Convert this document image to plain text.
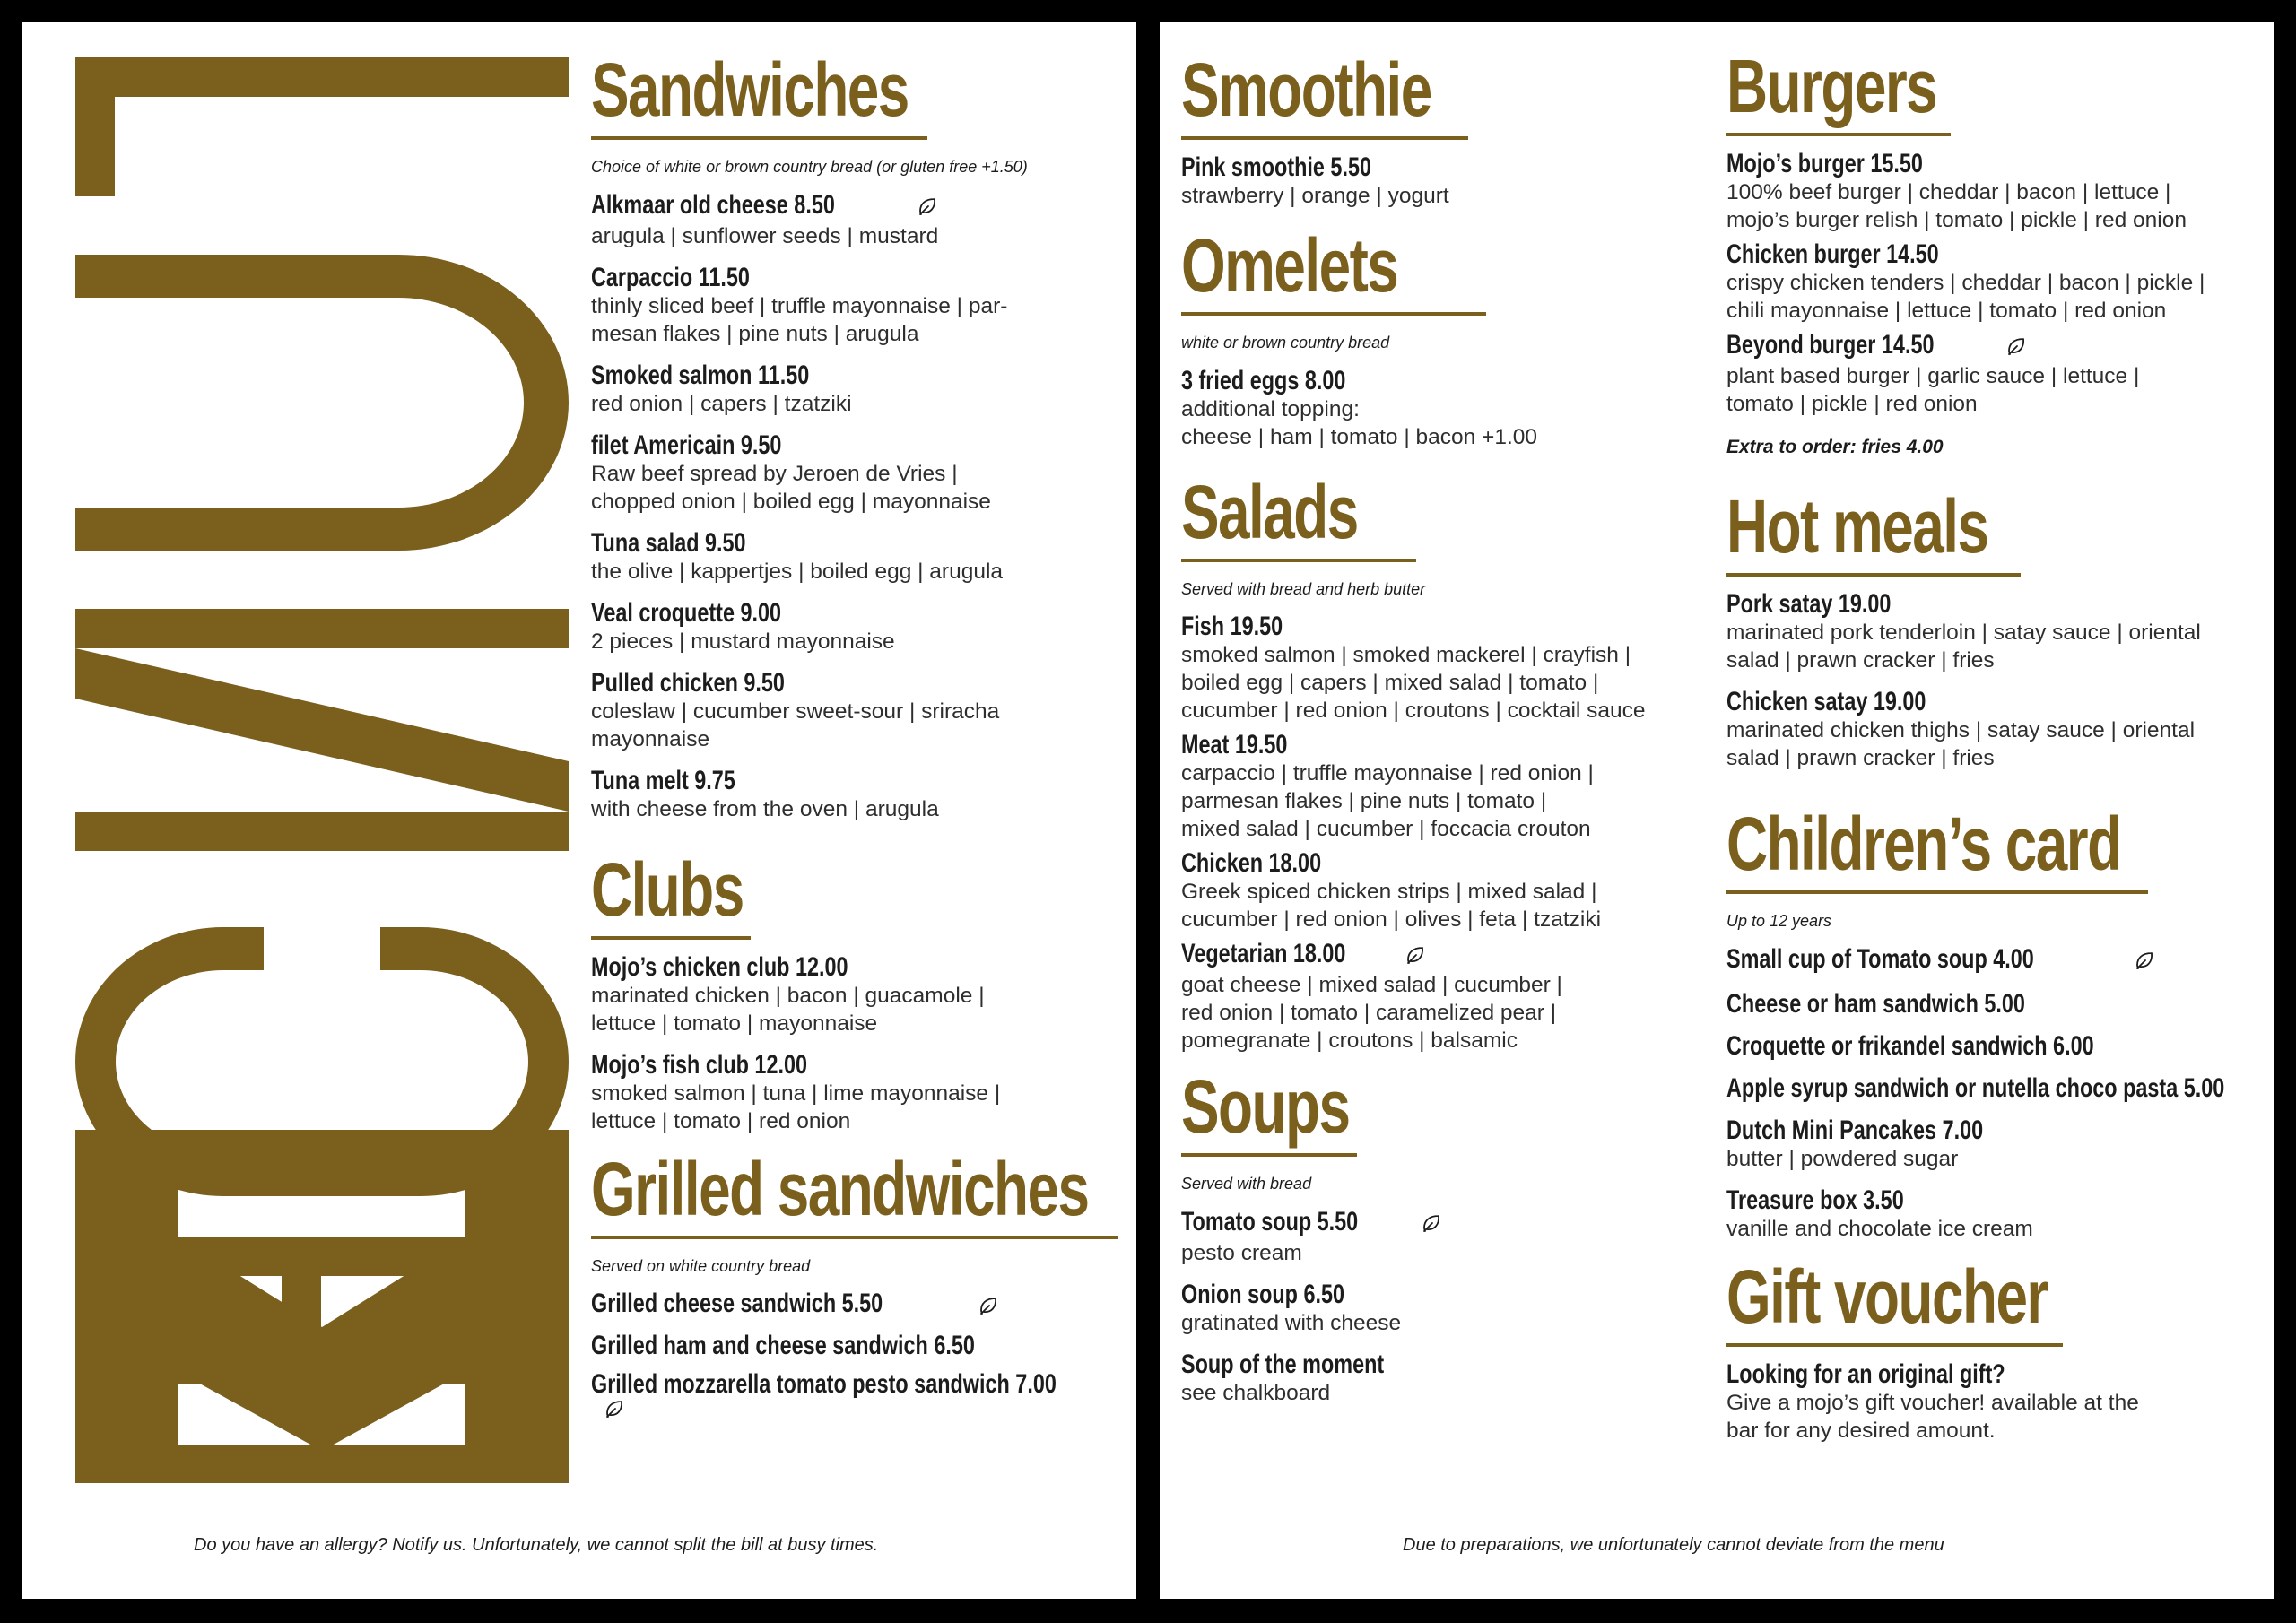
Sandwiches
Choice of white or brown country bread (or gluten free +1.50)
Alkmaar old cheese 8.50
arugula | sunflower seeds | mustard
Carpaccio 11.50
thinly sliced beef | truffle mayonnaise | par-
mesan flakes | pine nuts | arugula
Smoked salmon 11.50
red onion | capers | tzatziki
filet Americain 9.50
Raw beef spread by Jeroen de Vries |
chopped onion | boiled egg | mayonnaise
Tuna salad 9.50
the olive | kappertjes | boiled egg | arugula
Veal croquette 9.00
2 pieces | mustard mayonnaise
Pulled chicken 9.50
coleslaw | cucumber sweet-sour | sriracha
mayonnaise
Tuna melt 9.75
with cheese from the oven | arugula
Clubs
Mojo’s chicken club 12.00
marinated chicken | bacon | guacamole |
lettuce | tomato | mayonnaise
Mojo’s fish club 12.00
smoked salmon | tuna | lime mayonnaise |
lettuce | tomato | red onion
Grilled sandwiches
Served on white country bread
Grilled cheese sandwich 5.50
Grilled ham and cheese sandwich 6.50
Grilled mozzarella tomato pesto sandwich 7.00
Do you have an allergy? Notify us. Unfortunately, we cannot split the bill at busy times.
Smoothie
Pink smoothie 5.50
strawberry | orange | yogurt
Omelets
white or brown country bread
3 fried eggs 8.00
additional topping:
cheese | ham | tomato | bacon +1.00
Salads
Served with bread and herb butter
Fish 19.50
smoked salmon | smoked mackerel | crayfish |
boiled egg | capers | mixed salad | tomato |
cucumber | red onion | croutons | cocktail sauce
Meat 19.50
carpaccio | truffle mayonnaise | red onion |
parmesan flakes | pine nuts | tomato |
mixed salad | cucumber | foccacia crouton
Chicken 18.00
Greek spiced chicken strips | mixed salad |
cucumber | red onion | olives | feta | tzatziki
Vegetarian 18.00
goat cheese | mixed salad | cucumber |
red onion | tomato | caramelized pear |
pomegranate | croutons | balsamic
Soups
Served with bread
Tomato soup 5.50
pesto cream
Onion soup 6.50
gratinated with cheese
Soup of the moment
see chalkboard
Burgers
Mojo’s burger 15.50
100% beef burger | cheddar | bacon | lettuce |
mojo’s burger relish | tomato | pickle | red onion
Chicken burger 14.50
crispy chicken tenders | cheddar | bacon | pickle |
chili mayonnaise | lettuce | tomato | red onion
Beyond burger 14.50
plant based burger | garlic sauce | lettuce |
tomato | pickle | red onion
Extra to order: fries 4.00
Hot meals
Pork satay 19.00
marinated pork tenderloin | satay sauce | oriental
salad | prawn cracker | fries
Chicken satay 19.00
marinated chicken thighs | satay sauce | oriental
salad | prawn cracker | fries
Children’s card
Up to 12 years
Small cup of Tomato soup 4.00
Cheese or ham sandwich 5.00
Croquette or frikandel sandwich 6.00
Apple syrup sandwich or nutella choco pasta 5.00
Dutch Mini Pancakes 7.00
butter | powdered sugar
Treasure box 3.50
vanille and chocolate ice cream
Gift voucher
Looking for an original gift?
Give a mojo’s gift voucher! available at the
bar for any desired amount.
Due to preparations, we unfortunately cannot deviate from the menu
